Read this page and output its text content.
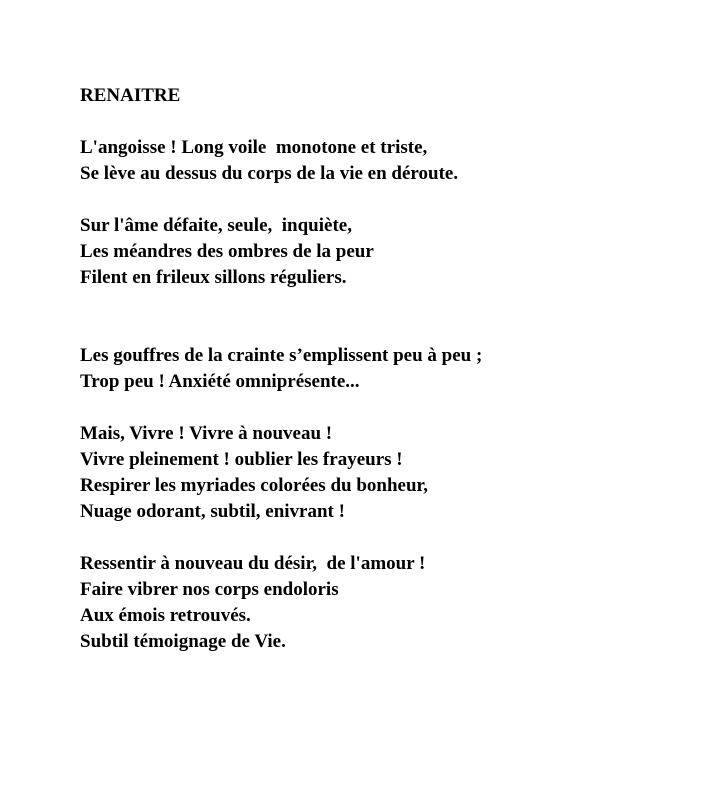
RENAITRE
L'angoisse ! Long voile  monotone et triste,
Se lève au dessus du corps de la vie en déroute.
Sur l'âme défaite, seule,  inquiète,
Les méandres des ombres de la peur
Filent en frileux sillons réguliers.
Les gouffres de la crainte s’emplissent peu à peu ;
Trop peu ! Anxiété omniprésente...
Mais, Vivre ! Vivre à nouveau !
Vivre pleinement ! oublier les frayeurs !
Respirer les myriades colorées du bonheur,
Nuage odorant, subtil, enivrant !
Ressentir à nouveau du désir,  de l'amour !
Faire vibrer nos corps endoloris
Aux émois retrouvés.
Subtil témoignage de Vie.
